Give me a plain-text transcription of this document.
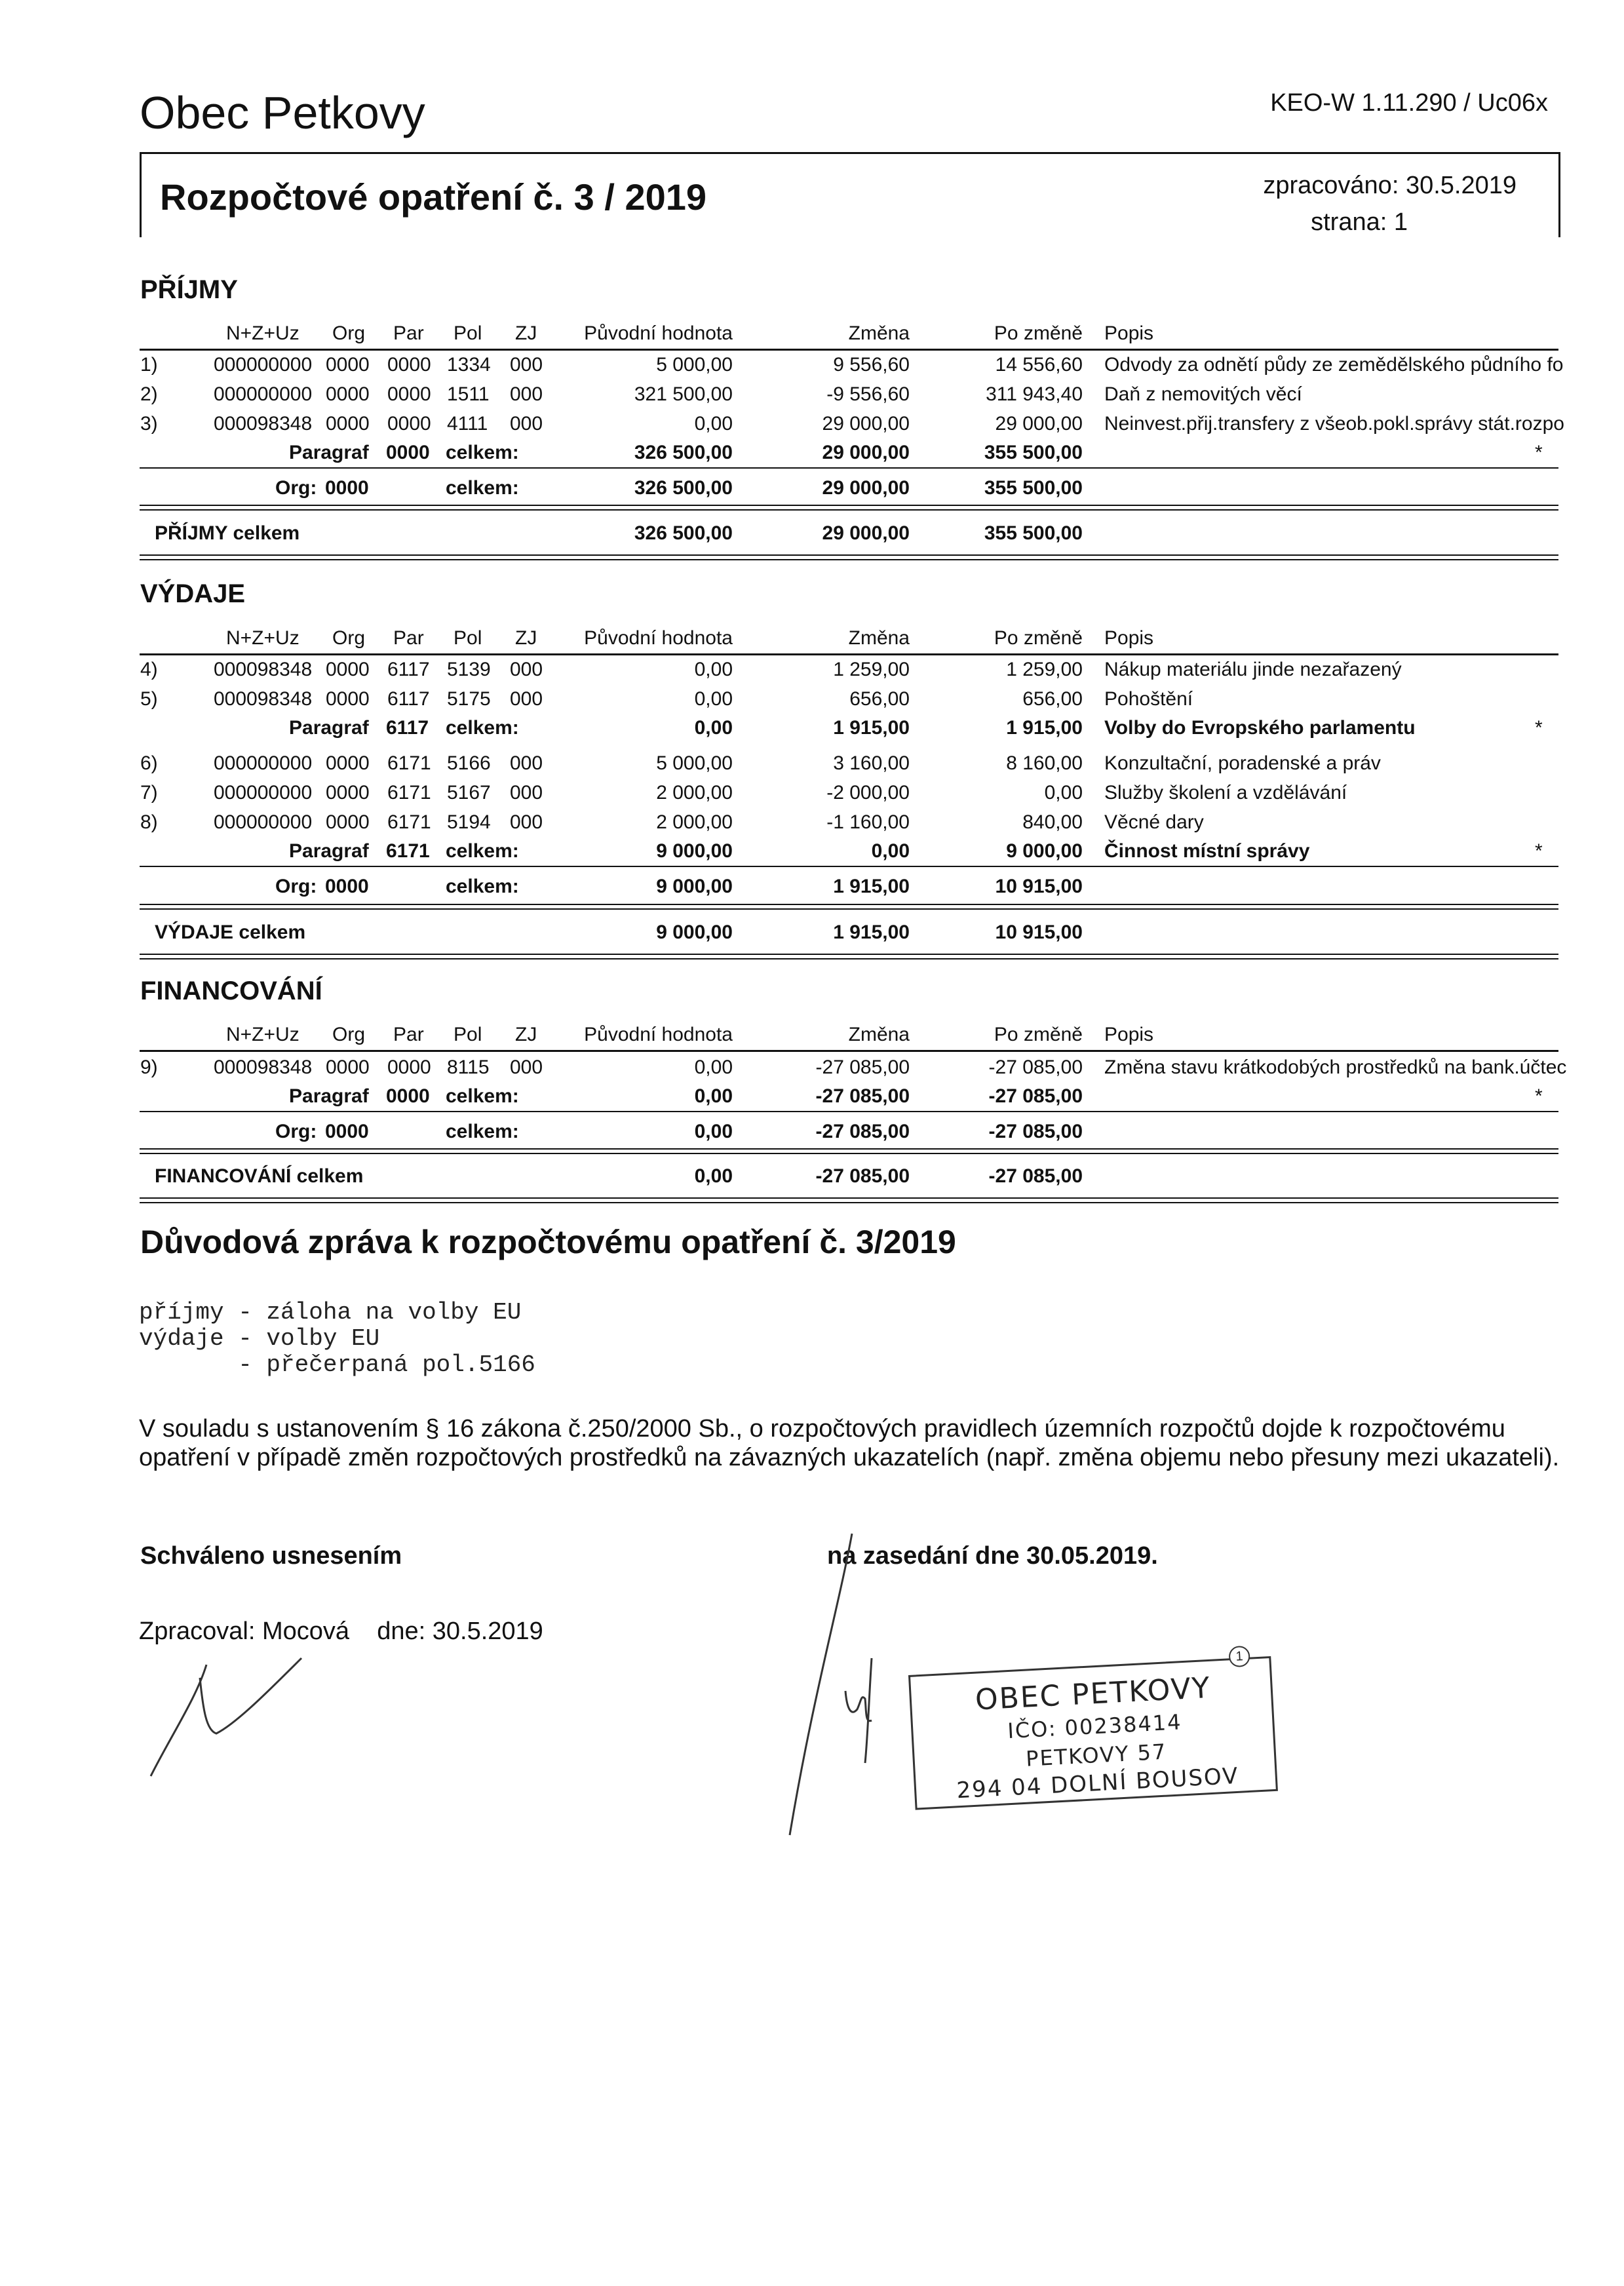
Obec Petkovy	KEO-W 1.11.290 / Uc06x
Rozpočtové opatření č. 3 / 2019	zpracováno: 30.5.2019
strana: 1
PŘÍJMY
N+Z+Uz Org Par Pol ZJ Původní hodnota	Změna	Po změně Popis
1)	000000000 0000 0000 1334 000	5 000,00	9 556,60	14 556,60 Odvody za odnětí půdy ze zemědělského půdního fo
2)	000000000 0000 0000 1511 000	321 500,00	-9 556,60	311 943,40 Daň z nemovitých věcí
3)	000098348 0000 0000 4111 000	0,00	29 000,00	29 000,00 Neinvest.přij.transfery z všeob.pokl.správy stát.rozpo
Paragraf 0000 celkem:	326 500,00	29 000,00	355 500,00	*
Org: 0000	celkem:	326 500,00	29 000,00	355 500,00
PŘÍJMY celkem	326 500,00	29 000,00	355 500,00
VÝDAJE
N+Z+Uz Org Par Pol ZJ Původní hodnota	Změna	Po změně Popis
4)	000098348 0000 6117 5139 000	0,00	1 259,00	1 259,00 Nákup materiálu jinde nezařazený
5)	000098348 0000 6117 5175 000	0,00	656,00	656,00 Pohoštění
Paragraf 6117 celkem:	0,00	1 915,00	1 915,00 Volby do Evropského parlamentu	*
6)	000000000 0000 6171 5166 000	5 000,00	3 160,00	8 160,00 Konzultační, poradenské a práv
7)	000000000 0000 6171 5167 000	2 000,00	-2 000,00	0,00 Služby školení a vzdělávání
8)	000000000 0000 6171 5194 000	2 000,00	-1 160,00	840,00 Věcné dary
Paragraf 6171 celkem:	9 000,00	0,00	9 000,00 Činnost místní správy	*
Org: 0000	celkem:	9 000,00	1 915,00	10 915,00
VÝDAJE celkem	9 000,00	1 915,00	10 915,00
FINANCOVÁNÍ
N+Z+Uz Org Par Pol ZJ Původní hodnota	Změna	Po změně Popis
9)	000098348 0000 0000 8115 000	0,00	-27 085,00	-27 085,00 Změna stavu krátkodobých prostředků na bank.účtec
Paragraf 0000 celkem:	0,00	-27 085,00	-27 085,00	*
Org: 0000	celkem:	0,00	-27 085,00	-27 085,00
FINANCOVÁNÍ celkem	0,00	-27 085,00	-27 085,00
Důvodová zpráva k rozpočtovému opatření č. 3/2019
příjmy - záloha na volby EU
výdaje - volby EU
- přečerpaná pol.5166
V souladu s ustanovením § 16 zákona č.250/2000 Sb., o rozpočtových pravidlech územních rozpočtů dojde k rozpočtovému opatření v případě změn rozpočtových prostředků na závazných ukazatelích (např. změna objemu nebo přesuny mezi ukazateli).
Schváleno usnesením	na zasedání dne 30.05.2019.
Zpracoval: Mocová    dne: 30.5.2019
1
OBEC PETKOVY
IČO: 00238414
PETKOVY 57
294 04 DOLNÍ BOUSOV
